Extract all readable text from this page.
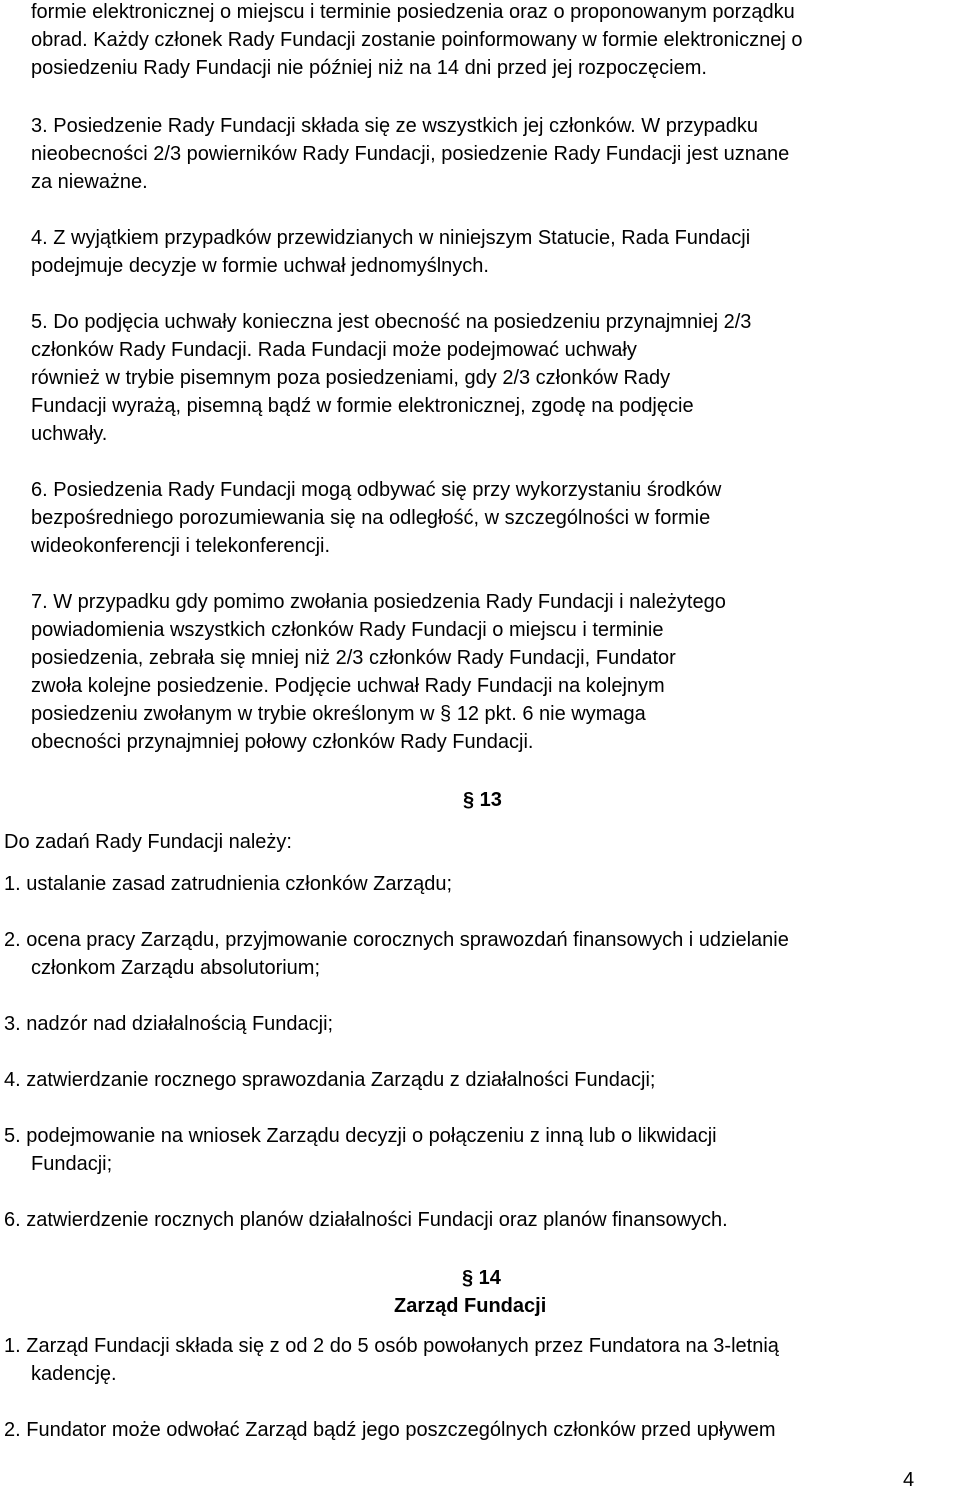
formie elektronicznej o miejscu i terminie posiedzenia oraz o proponowanym porządku
obrad. Każdy członek Rady Fundacji zostanie poinformowany w formie elektronicznej o
posiedzeniu Rady Fundacji nie później niż na 14 dni przed jej rozpoczęciem.
3. Posiedzenie Rady Fundacji składa się ze wszystkich jej członków. W przypadku
nieobecności 2/3 powierników Rady Fundacji, posiedzenie Rady Fundacji jest uznane
za nieważne.
4. Z wyjątkiem przypadków przewidzianych w niniejszym Statucie, Rada Fundacji
podejmuje decyzje w formie uchwał jednomyślnych.
5. Do podjęcia uchwały konieczna jest obecność na posiedzeniu przynajmniej 2/3
członków Rady Fundacji. Rada Fundacji może podejmować uchwały
również w trybie pisemnym poza posiedzeniami, gdy 2/3 członków Rady
Fundacji wyrażą, pisemną bądź w formie elektronicznej, zgodę na podjęcie
uchwały.
6. Posiedzenia Rady Fundacji mogą odbywać się przy wykorzystaniu środków
bezpośredniego porozumiewania się na odległość, w szczególności w formie
wideokonferencji i telekonferencji.
7. W przypadku gdy pomimo zwołania posiedzenia Rady Fundacji i należytego
powiadomienia wszystkich członków Rady Fundacji o miejscu i terminie
posiedzenia, zebrała się mniej niż 2/3 członków Rady Fundacji, Fundator
zwoła kolejne posiedzenie. Podjęcie uchwał Rady Fundacji na kolejnym
posiedzeniu zwołanym w trybie określonym w § 12 pkt. 6 nie wymaga
obecności przynajmniej połowy członków Rady Fundacji.
§ 13
Do zadań Rady Fundacji należy:
1. ustalanie zasad zatrudnienia członków Zarządu;
2. ocena pracy Zarządu, przyjmowanie corocznych sprawozdań finansowych i udzielanie
członkom Zarządu absolutorium;
3. nadzór nad działalnością Fundacji;
4. zatwierdzanie rocznego sprawozdania Zarządu z działalności Fundacji;
5. podejmowanie na wniosek Zarządu decyzji o połączeniu z inną lub o likwidacji
Fundacji;
6. zatwierdzenie rocznych planów działalności Fundacji oraz planów finansowych.
§ 14
Zarząd Fundacji
1. Zarząd Fundacji składa się z od 2 do 5 osób powołanych przez Fundatora na 3-letnią
kadencję.
2. Fundator może odwołać Zarząd bądź jego poszczególnych członków przed upływem
4
